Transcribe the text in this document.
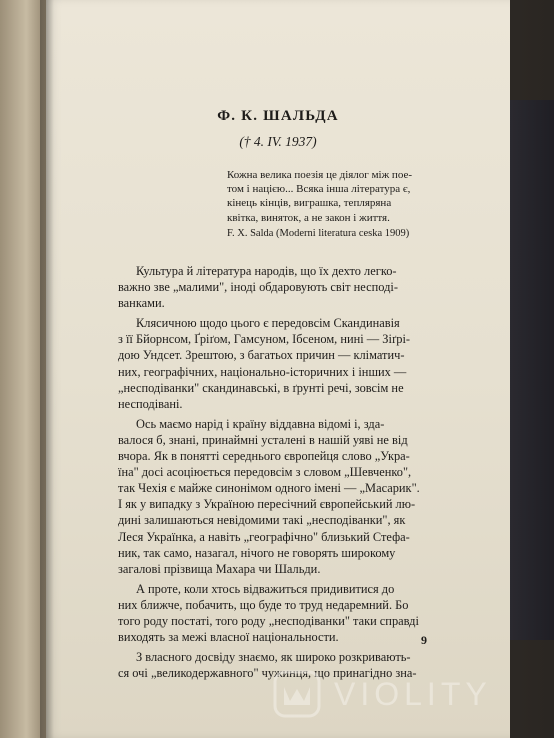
Ф. К. ШАЛЬДА

(† 4. IV. 1937)

Кожна велика поезія це діялог між пое-
том і нацією... Всяка інша література є,
кінець кінців, виграшка, тепляряна
квітка, виняток, а не закон і життя.

F. X. Salda (Moderni literatura ceska 1909)

Культура й література народів, що їх дехто легко-
важно зве „малими", іноді обдаровують світ несподі-
ванками.

Клясичною щодо цього є передовсім Скандинавія
з її Бйорнсом, Ґріґом, Гамсуном, Ібсеном, нині — Зіґрі-
дою Ундсет. Зрештою, з багатьох причин — кліматич-
них, географічних, національно-історичних і інших —
„несподіванки" скандинавські, в ґрунті речі, зовсім не
несподівані.

Ось маємо нарід і країну віддавна відомі і, зда-
валося б, знані, принаймні усталені в нашій уяві не від
вчора. Як в понятті середнього європейця слово „Укра-
їна" досі асоціюється передовсім з словом „Шевченко",
так Чехія є майже синонімом одного імені — „Масарик".
І як у випадку з Україною пересічний європейський лю-
дині залишаються невідомими такі „несподіванки", як
Леся Українка, а навіть „географічно" близький Стефа-
ник, так само, назагал, нічого не говорять широкому
загалові прізвища Махара чи Шальди.

А проте, коли хтось відважиться придивитися до
них ближче, побачить, що буде то труд недаремний. Бо
того роду постаті, того роду „несподіванки" таки справді
виходять за межі власної національности.

З власного досвіду знаємо, як широко розкривають-
ся очі „великодержавного" чужинця, що принагідно зна-

9

VIOLITY
